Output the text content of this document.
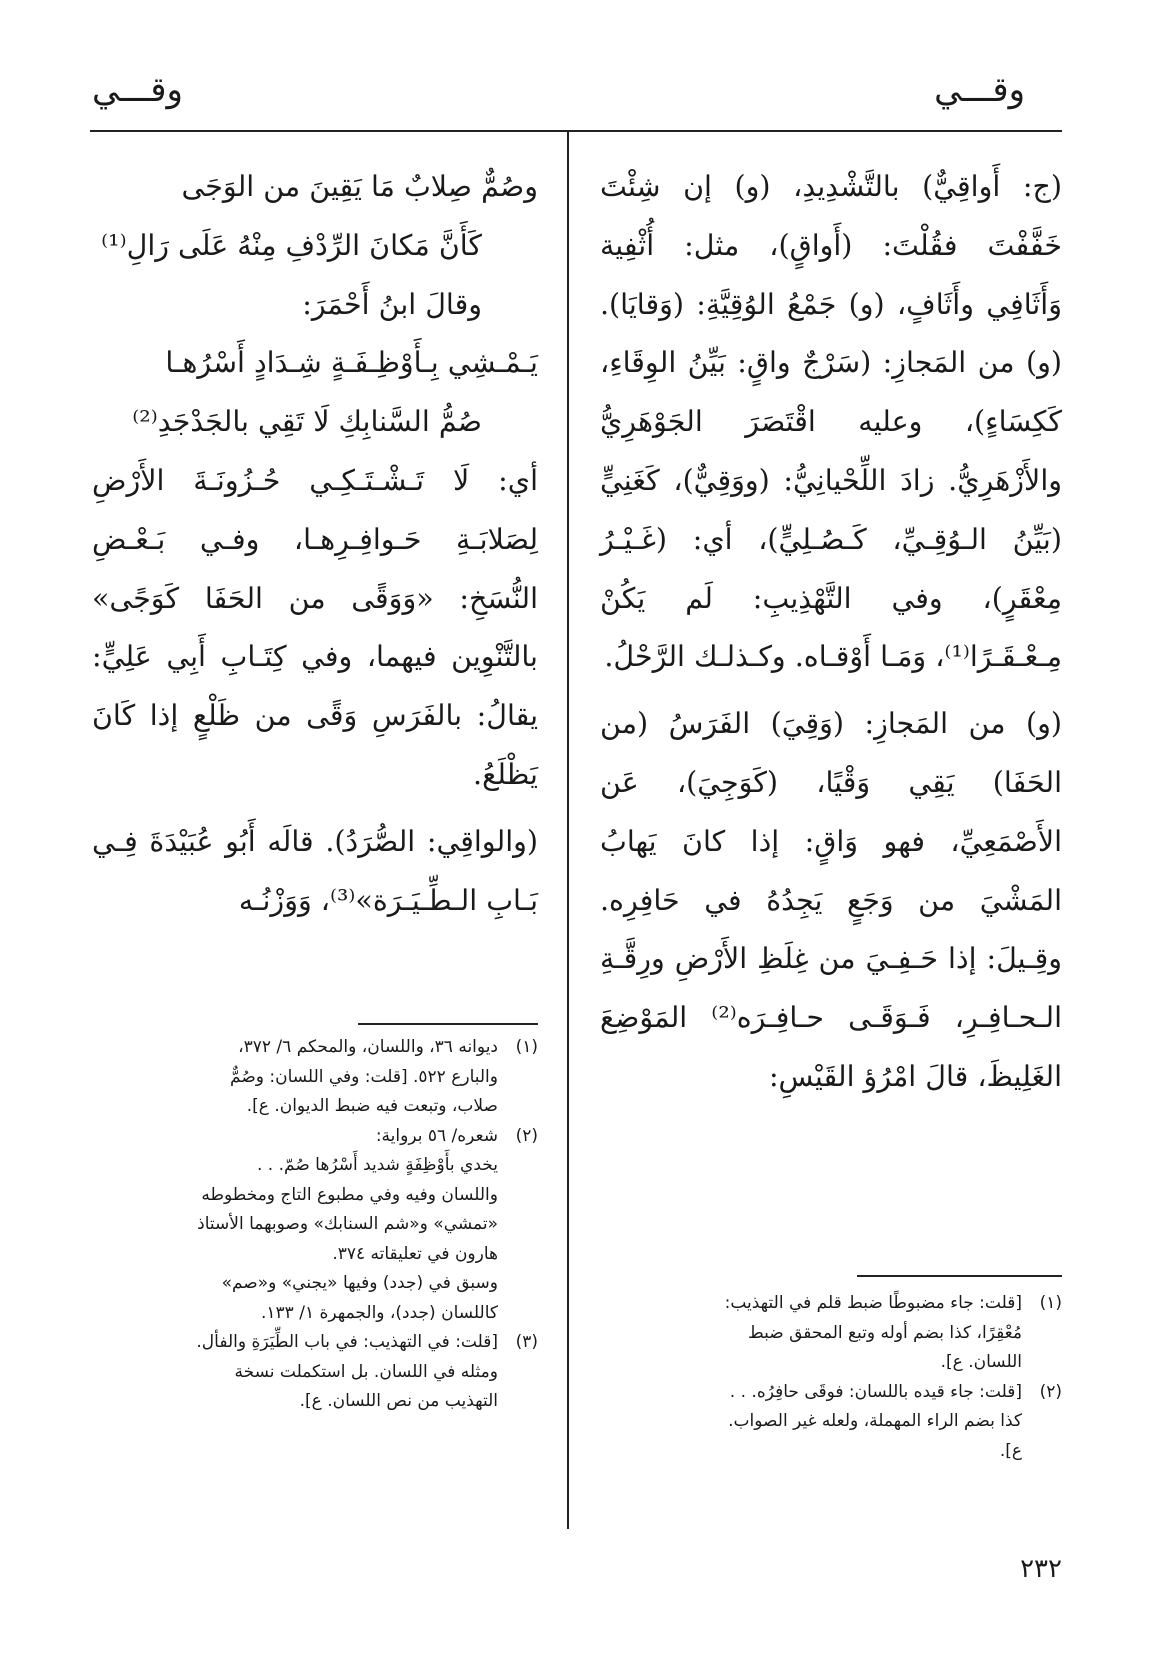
وقـــي
وقـــي

(ج: أَواقِيٌّ) بالتَّشْدِيدِ، (و) إن شِئْتَ خَفَّفْتَ فقُلْتَ: (أَواقٍ)، مثل: أُثْفِية وَأَثَافِي وأَثَافٍ، (و) جَمْعُ الوُقِيَّةِ: (وَقايَا). (و) من المَجازِ: (سَرْجٌ واقٍ: بَيِّنُ الوِقَاءِ، كَكِسَاءٍ)، وعليه اقْتَصَرَ الجَوْهَرِيُّ والأَزْهَرِيُّ. زادَ اللِّحْيانِيُّ: (ووَقِيٌّ)، كَغَنِيٍّ (بَيِّنُ الـوُقِـيِّ، كَـصُـلِيٍّ)، أي: (غَـيْـرُ مِعْقَرٍ)، وفي التَّهْذِيبِ: لَم يَكُنْ مِـعْـقَـرًا⁽¹⁾، وَمَـا أَوْقـاه. وكـذلـك الرَّحْلُ.

(و) من المَجازِ: (وَقِيَ) الفَرَسُ (من الحَفَا) يَقِي وَقْيًا، (كَوَجِيَ)، عَن الأَصْمَعِيِّ، فهو وَاقٍ: إذا كانَ يَهابُ المَشْيَ من وَجَعٍ يَجِدُهُ في حَافِرِه. وقِـيلَ: إذا حَـفِـيَ من غِلَظِ الأَرْضِ ورِقَّـةِ الـحـافِـرِ، فَـوَقَـى حـافِـرَه⁽²⁾ المَوْضِعَ الغَلِيظَ، قالَ امْرُؤ القَيْسِ:

وصُمٌّ صِلابٌ مَا يَقِينَ من الوَجَى

كَأَنَّ مَكانَ الرِّدْفِ مِنْهُ عَلَى رَالِ⁽¹⁾

وقالَ ابنُ أَحْمَرَ:

يَـمْـشِي بِـأَوْظِـفَـةٍ شِـدَادٍ أَسْرُهـا

صُمُّ السَّنابِكِ لَا تَقِي بالجَدْجَدِ⁽²⁾

أي: لَا تَـشْـتَـكِـي حُـزُونَـةَ الأَرْضِ لِصَلابَـةِ حَـوافِـرِهـا، وفـي بَـعْـضِ النُّسَخِ: «وَوَقًى من الحَفَا كَوَجًى» بالتَّنْوِين فيهما، وفي كِتَـابِ أَبِي عَلِيٍّ: يقالُ: بالفَرَسِ وَقًى من ظَلْعٍ إذا كَانَ يَظْلَعُ.

(والواقِي: الصُّرَدُ). قالَه أَبُو عُبَيْدَةَ فِـي بَـابِ الـطِّـيَـرَة»⁽³⁾، وَوَزْنُـه

(١)
[قلت: جاء مضبوطًا ضبط قلم في التهذيب:
مُعْقِرًا، كذا بضم أوله وتبع المحقق ضبط
اللسان. ع].
(٢)
[قلت: جاء قيده باللسان: فوقَى حافِرُه. . .
كذا بضم الراء المهملة، ولعله غير الصواب.
ع].
(١)
ديوانه ٣٦، واللسان، والمحكم ٦/ ٣٧٢،
والبارع ٥٢٢. [قلت: وفي اللسان: وصُمٌّ
صلاب، وتبعت فيه ضبط الديوان. ع].
(٢)
شعره/ ٥٦ برواية:
يخدي بأَوْظِفَةٍ شديد أَسْرُها صُمّ. . .
واللسان وفيه وفي مطبوع التاج ومخطوطه
«تمشي» و«شم السنابك» وصوبهما الأستاذ
هارون في تعليقاته ٣٧٤.
وسبق في (جدد) وفيها «يجني» و«صم»
كاللسان (جدد)، والجمهرة ١/ ١٣٣.
(٣)
[قلت: في التهذيب: في باب الطِّيَرَةِ والفأل.
ومثله في اللسان. بل استكملت نسخة
التهذيب من نص اللسان. ع].
٢٣٢
